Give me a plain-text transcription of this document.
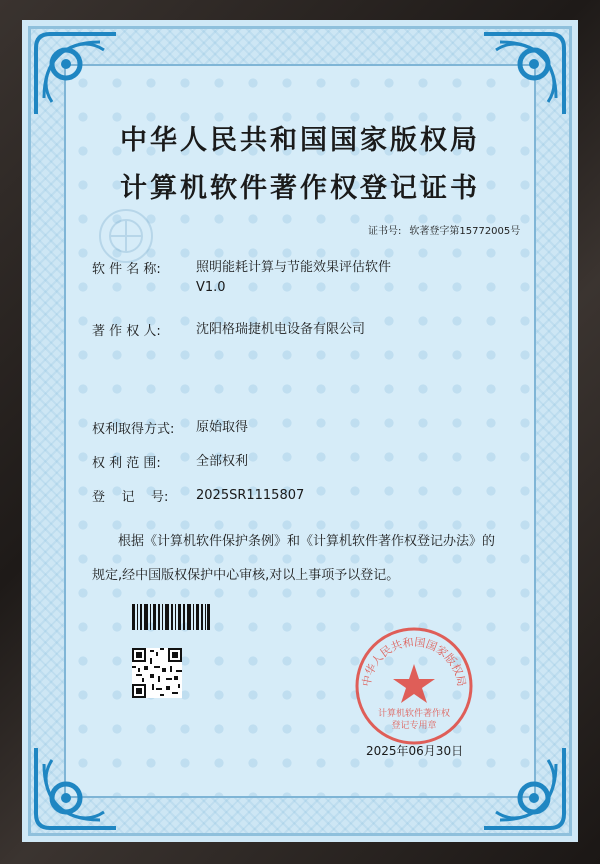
中华人民共和国国家版权局
计算机软件著作权登记证书
证书号: 软著登字第15772005号
软 件 名 称:	照明能耗计算与节能效果评估软件
V1.0
著 作 权 人:	沈阳格瑞捷机电设备有限公司
权利取得方式: 原始取得
权 利 范 围:	全部权利
登    记    号: 2025SR1115807
根据《计算机软件保护条例》和《计算机软件著作权登记办法》的
规定,经中国版权保护中心审核,对以上事项予以登记。
中华人民共和国国家版权局
计算机软件著作权
登记专用章
2025年06月30日
